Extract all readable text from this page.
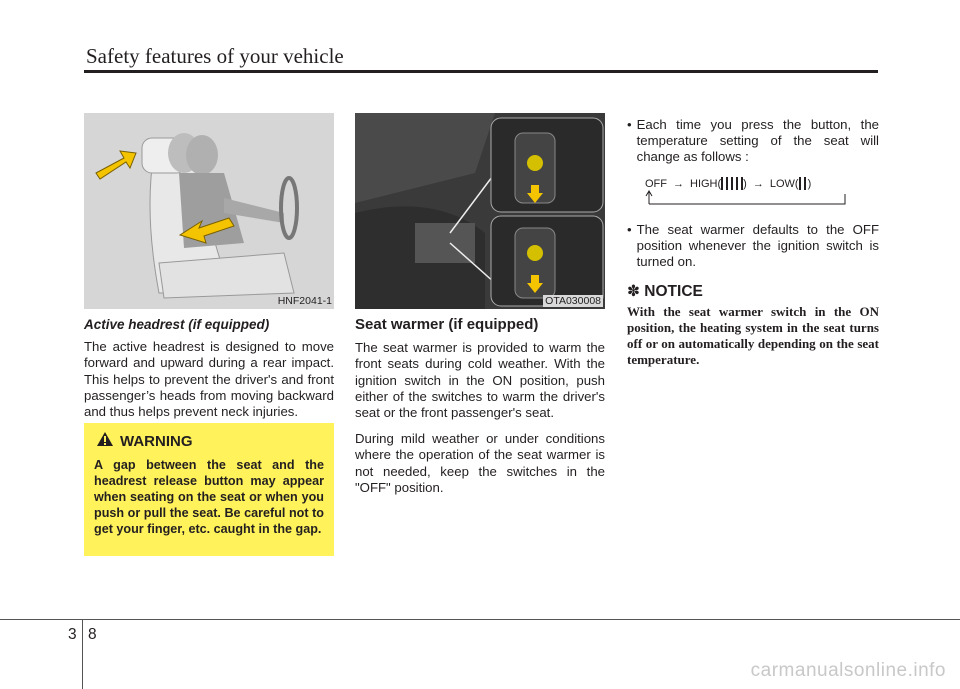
Safety features of your vehicle
HNF2041-1	OTA030008
Active headrest (if equipped)

The active headrest is designed to move forward and upward during a rear impact. This helps to prevent the driver's and front passenger’s heads from moving backward and thus helps prevent neck injuries.

WARNING
A gap between the seat and the headrest release button may appear when seating on the seat or when you push or pull the seat. Be careful not to get your finger, etc. caught in the gap.
Seat warmer (if equipped)

The seat warmer is provided to warm the front seats during cold weather. With the ignition switch in the ON position, push either of the switches to warm the driver's seat or the front passenger's seat.

During mild weather or under conditions where the operation of the seat warmer is not needed, keep the switches in the "OFF" position.

• Each time you press the button, the temperature setting of the seat will change as follows :
OFF → HIGH( ) → LOW( )
• The seat warmer defaults to the OFF position whenever the ignition switch is turned on.
✽ NOTICE
With the seat warmer switch in the ON position, the heating system in the seat turns off or on automatically depending on the seat temperature.
3 8
carmanualsonline.info
